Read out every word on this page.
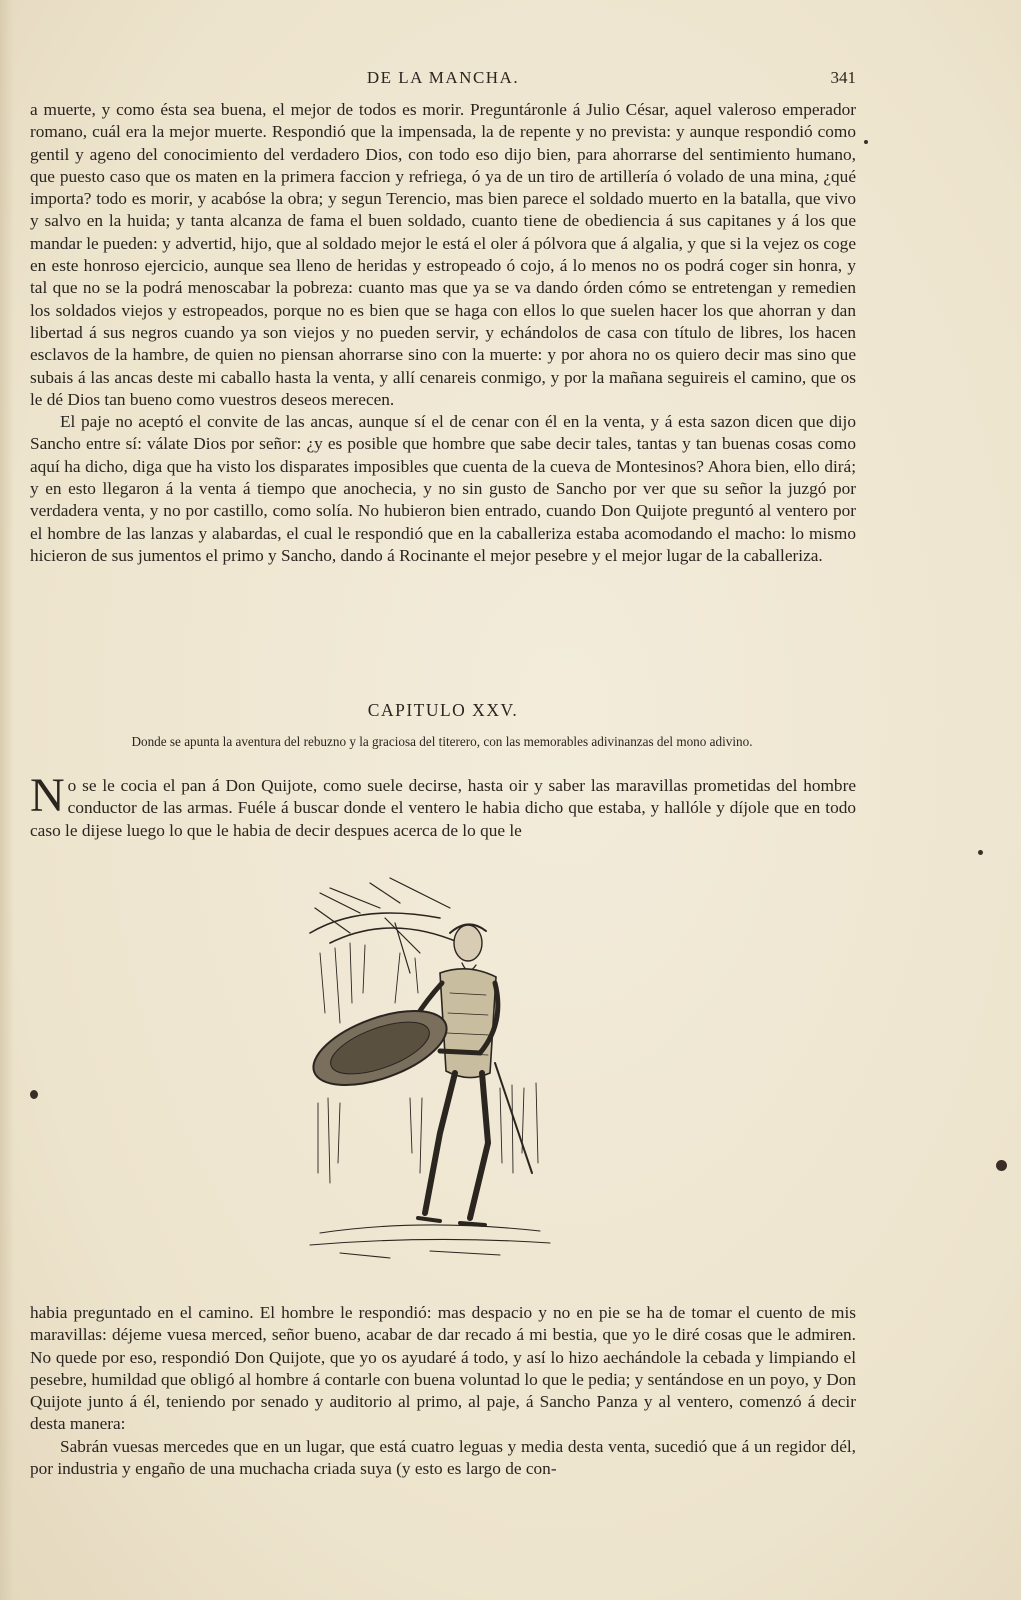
DE LA MANCHA.	341

a muerte, y como ésta sea buena, el mejor de todos es morir. Preguntáronle á Julio César, aquel valeroso emperador romano, cuál era la mejor muerte. Respondió que la impensada, la de repente y no prevista: y aunque respondió como gentil y ageno del conocimiento del verdadero Dios, con todo eso dijo bien, para ahorrarse del sentimiento humano, que puesto caso que os maten en la primera faccion y refriega, ó ya de un tiro de artillería ó volado de una mina, ¿qué importa? todo es morir, y acabóse la obra; y segun Terencio, mas bien parece el soldado muerto en la batalla, que vivo y salvo en la huida; y tanta alcanza de fama el buen soldado, cuanto tiene de obediencia á sus capitanes y á los que mandar le pueden: y advertid, hijo, que al soldado mejor le está el oler á pólvora que á algalia, y que si la vejez os coge en este honroso ejercicio, aunque sea lleno de heridas y estropeado ó cojo, á lo menos no os podrá coger sin honra, y tal que no se la podrá menoscabar la pobreza: cuanto mas que ya se va dando órden cómo se entretengan y remedien los soldados viejos y estropeados, porque no es bien que se haga con ellos lo que suelen hacer los que ahorran y dan libertad á sus negros cuando ya son viejos y no pueden servir, y echándolos de casa con título de libres, los hacen esclavos de la hambre, de quien no piensan ahorrarse sino con la muerte: y por ahora no os quiero decir mas sino que subais á las ancas deste mi caballo hasta la venta, y allí cenareis conmigo, y por la mañana seguireis el camino, que os le dé Dios tan bueno como vuestros deseos merecen.

El paje no aceptó el convite de las ancas, aunque sí el de cenar con él en la venta, y á esta sazon dicen que dijo Sancho entre sí: válate Dios por señor: ¿y es posible que hombre que sabe decir tales, tantas y tan buenas cosas como aquí ha dicho, diga que ha visto los disparates imposibles que cuenta de la cueva de Montesinos? Ahora bien, ello dirá; y en esto llegaron á la venta á tiempo que anochecia, y no sin gusto de Sancho por ver que su señor la juzgó por verdadera venta, y no por castillo, como solía. No hubieron bien entrado, cuando Don Quijote preguntó al ventero por el hombre de las lanzas y alabardas, el cual le respondió que en la caballeriza estaba acomodando el macho: lo mismo hicieron de sus jumentos el primo y Sancho, dando á Rocinante el mejor pesebre y el mejor lugar de la caballeriza.

CAPITULO XXV.
Donde se apunta la aventura del rebuzno y la graciosa del titerero, con las memorables adivinanzas del mono adivino.

No se le cocia el pan á Don Quijote, como suele decirse, hasta oir y saber las maravillas prometidas del hombre conductor de las armas. Fuéle á buscar donde el ventero le habia dicho que estaba, y hallóle y díjole que en todo caso le dijese luego lo que le habia de decir despues acerca de lo que le

habia preguntado en el camino. El hombre le respondió: mas despacio y no en pie se ha de tomar el cuento de mis maravillas: déjeme vuesa merced, señor bueno, acabar de dar recado á mi bestia, que yo le diré cosas que le admiren. No quede por eso, respondió Don Quijote, que yo os ayudaré á todo, y así lo hizo aechándole la cebada y limpiando el pesebre, humildad que obligó al hombre á contarle con buena voluntad lo que le pedia; y sentándose en un poyo, y Don Quijote junto á él, teniendo por senado y auditorio al primo, al paje, á Sancho Panza y al ventero, comenzó á decir desta manera:

Sabrán vuesas mercedes que en un lugar, que está cuatro leguas y media desta venta, sucedió que á un regidor dél, por industria y engaño de una muchacha criada suya (y esto es largo de con-
